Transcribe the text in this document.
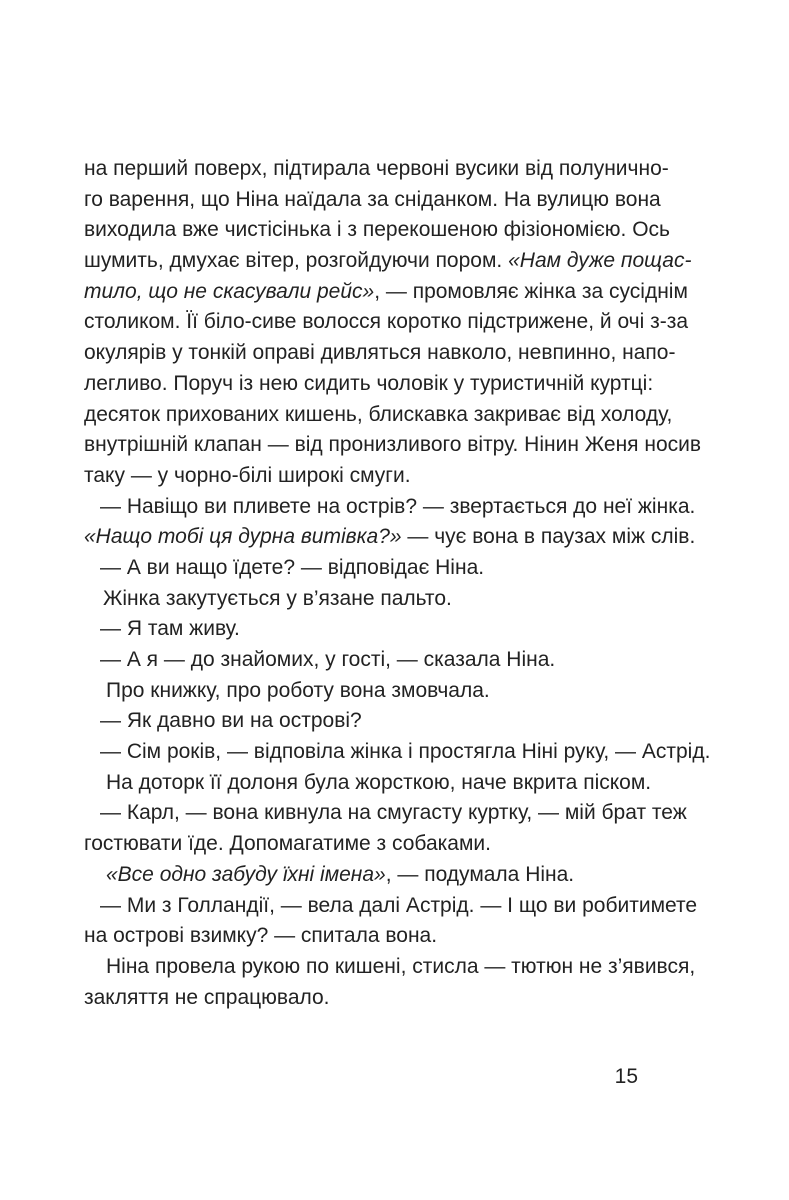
на перший поверх, підтирала червоні вусики від полунично-
го варення, що Ніна наїдала за сніданком. На вулицю вона
виходила вже чистісінька і з перекошеною фізіономією. Ось
шумить, дмухає вітер, розгойдуючи пором. «Нам дуже пощас-
тило, що не скасували рейс», — промовляє жінка за сусіднім
столиком. Її біло-сиве волосся коротко підстрижене, й очі з-за
окулярів у тонкій оправі дивляться навколо, невпинно, напо-
легливо. Поруч із нею сидить чоловік у туристичній куртці:
десяток прихованих кишень, блискавка закриває від холоду,
внутрішній клапан — від пронизливого вітру. Нінин Женя носив
таку — у чорно-білі широкі смуги.
— Навіщо ви пливете на острів? — звертається до неї жінка.
«Нащо тобі ця дурна витівка?» — чує вона в паузах між слів.
— А ви нащо їдете? — відповідає Ніна.
Жінка закутується у в’язане пальто.
— Я там живу.
— А я — до знайомих, у гості, — сказала Ніна.
Про книжку, про роботу вона змовчала.
— Як давно ви на острові?
— Сім років, — відповіла жінка і простягла Ніні руку, — Астрід.
На доторк її долоня була жорсткою, наче вкрита піском.
— Карл, — вона кивнула на смугасту куртку, — мій брат теж
гостювати їде. Допомагатиме з собаками.
«Все одно забуду їхні імена», — подумала Ніна.
— Ми з Голландії, — вела далі Астрід. — І що ви робитимете
на острові взимку? — спитала вона.
Ніна провела рукою по кишені, стисла — тютюн не з’явився,
закляття не спрацювало.
15
